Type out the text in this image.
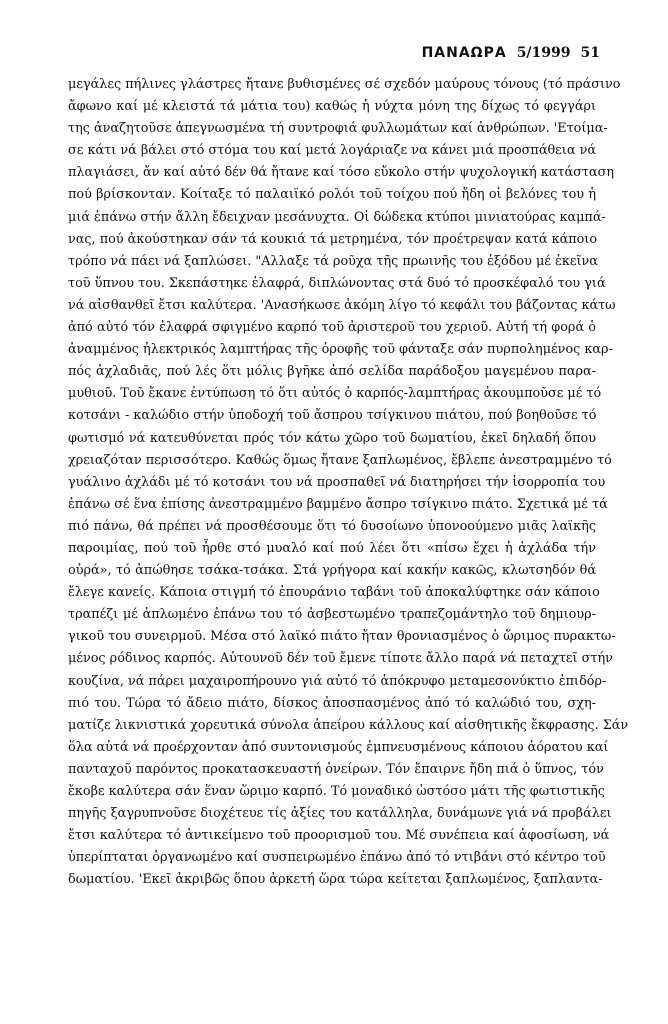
ΠΑΝΑΩΡΑ 5/1999 51
μεγάλες πήλινες γλάστρες ἤτανε βυθισμένες σέ σχεδόν μαύρους τόνους (τό πράσινο
ἄφωνο καί μέ κλειστά τά μάτια του) καθώς ἡ νύχτα μόνη της δίχως τό φεγγάρι
της ἀναζητοῦσε ἀπεγνωσμένα τή συντροφιά φυλλωμάτων καί ἀνθρώπων. 'Ετοίμα-
σε κάτι νά βάλει στό στόμα του καί μετά λογάριαζε να κάνει μιά προσπάθεια νά
πλαγιάσει, ἄν καί αὐτό δέν θά ἤτανε καί τόσο εὔκολο στήν ψυχολογική κατάσταση
πού βρίσκονταν. Κοίταξε τό παλαιϊκό ρολόι τοῦ τοίχου πού ἤδη οἱ βελόνες του ἡ
μιά ἐπάνω στήν ἄλλη ἔδειχναν μεσάνυχτα. Οἱ δώδεκα κτύποι μινιατούρας καμπά-
νας, πού ἀκούστηκαν σάν τά κουκιά τά μετρημένα, τόν προέτρεψαν κατά κάποιο
τρόπο νά πάει νά ξαπλώσει. "Αλλαξε τά ροῦχα τῆς πρωινῆς του ἐξόδου μέ ἐκεῖνα
τοῦ ὕπνου του. Σκεπάστηκε ἐλαφρά, διπλώνοντας στά δυό τό προσκέφαλό του γιά
νά αἰσθανθεῖ ἔτσι καλύτερα. 'Ανασήκωσε ἀκόμη λίγο τό κεφάλι του βάζοντας κάτω
ἀπό αὐτό τόν ἐλαφρά σφιγμένο καρπό τοῦ ἀριστεροῦ του χεριοῦ. Αὐτή τή φορά ὁ
ἀναμμένος ἠλεκτρικός λαμπτήρας τῆς ὀροφῆς τοῦ φάνταξε σάν πυρπολημένος καρ-
πός ἀχλαδιᾶς, πού λές ὅτι μόλις βγῆκε ἀπό σελίδα παράδοξου μαγεμένου παρα-
μυθιοῦ. Τοῦ ἔκανε ἐντύπωση τό ὅτι αὐτός ὁ καρπός-λαμπτήρας ἀκουμποῦσε μέ τό
κοτσάνι - καλώδιο στήν ὑποδοχή τοῦ ἄσπρου τσίγκινου πιάτου, πού βοηθοῦσε τό
φωτισμό νά κατευθύνεται πρός τόν κάτω χῶρο τοῦ δωματίου, ἐκεῖ δηλαδή ὅπου
χρειαζόταν περισσότερο. Καθώς ὅμως ἤτανε ξαπλωμένος, ἔβλεπε ἀνεστραμμένο τό
γυάλινο ἀχλάδι μέ τό κοτσάνι του νά προσπαθεῖ νά διατηρήσει τήν ἰσορροπία του
ἐπάνω σέ ἕνα ἐπίσης ἀνεστραμμένο βαμμένο ἄσπρο τσίγκινο πιάτο. Σχετικά μέ τά
πιό πάνω, θά πρέπει νά προσθέσουμε ὅτι τό δυσοίωνο ὑπονοούμενο μιᾶς λαϊκῆς
παροιμίας, πού τοῦ ἦρθε στό μυαλό καί πού λέει ὅτι «πίσω ἔχει ἡ ἀχλάδα τήν
οὐρά», τό ἀπώθησε τσάκα-τσάκα. Στά γρήγορα καί κακήν κακῶς, κλωτσηδόν θά
ἔλεγε κανείς. Κάποια στιγμή τό ἐπουράνιο ταβάνι τοῦ ἀποκαλύφτηκε σάν κάποιο
τραπέζι μέ ἁπλωμένο ἐπάνω του τό ἀσβεστωμένο τραπεζομάντηλο τοῦ δημιουρ-
γικοῦ του συνειρμοῦ. Μέσα στό λαϊκό πιάτο ἤταν θρονιασμένος ὁ ὥριμος πυρακτω-
μένος ρόδινος καρπός. Αὐτουνοῦ δέν τοῦ ἔμενε τίποτε ἄλλο παρά νά πεταχτεῖ στήν
κουζίνα, νά πάρει μαχαιροπήρουνο γιά αὐτό τό ἀπόκρυφο μεταμεσονύκτιο ἐπιδόρ-
πιό του. Τώρα τό ἄδειο πιάτο, δίσκος ἀποσπασμένος ἀπό τό καλώδιό του, σχη-
ματίζε λικνιστικά χορευτικά σύνολα ἀπείρου κάλλους καί αἰσθητικῆς ἔκφρασης. Σάν
ὅλα αὐτά νά προέρχονταν ἀπό συντονισμούς ἐμπνευσμένους κάποιου ἀόρατου καί
πανταχοῦ παρόντος προκατασκευαστή ὀνείρων. Τόν ἔπαιρνε ἤδη πιά ὁ ὕπνος, τόν
ἔκοβε καλύτερα σάν ἕναν ὥριμο καρπό. Τό μοναδικό ὡστόσο μάτι τῆς φωτιστικῆς
πηγῆς ξαγρυπνοῦσε διοχέτευε τίς ἀξίες του κατάλληλα, δυνάμωνε γιά νά προβάλει
ἔτσι καλύτερα τό ἀντικείμενο τοῦ προορισμοῦ του. Μέ συνέπεια καί ἀφοσίωση, νά
ὑπερίπταται ὀργανωμένο καί συσπειρωμένο ἐπάνω ἀπό τό ντιβάνι στό κέντρο τοῦ
δωματίου. 'Εκεῖ ἀκριβῶς ὅπου ἀρκετή ὥρα τώρα κείτεται ξαπλωμένος, ξαπλαντα-
